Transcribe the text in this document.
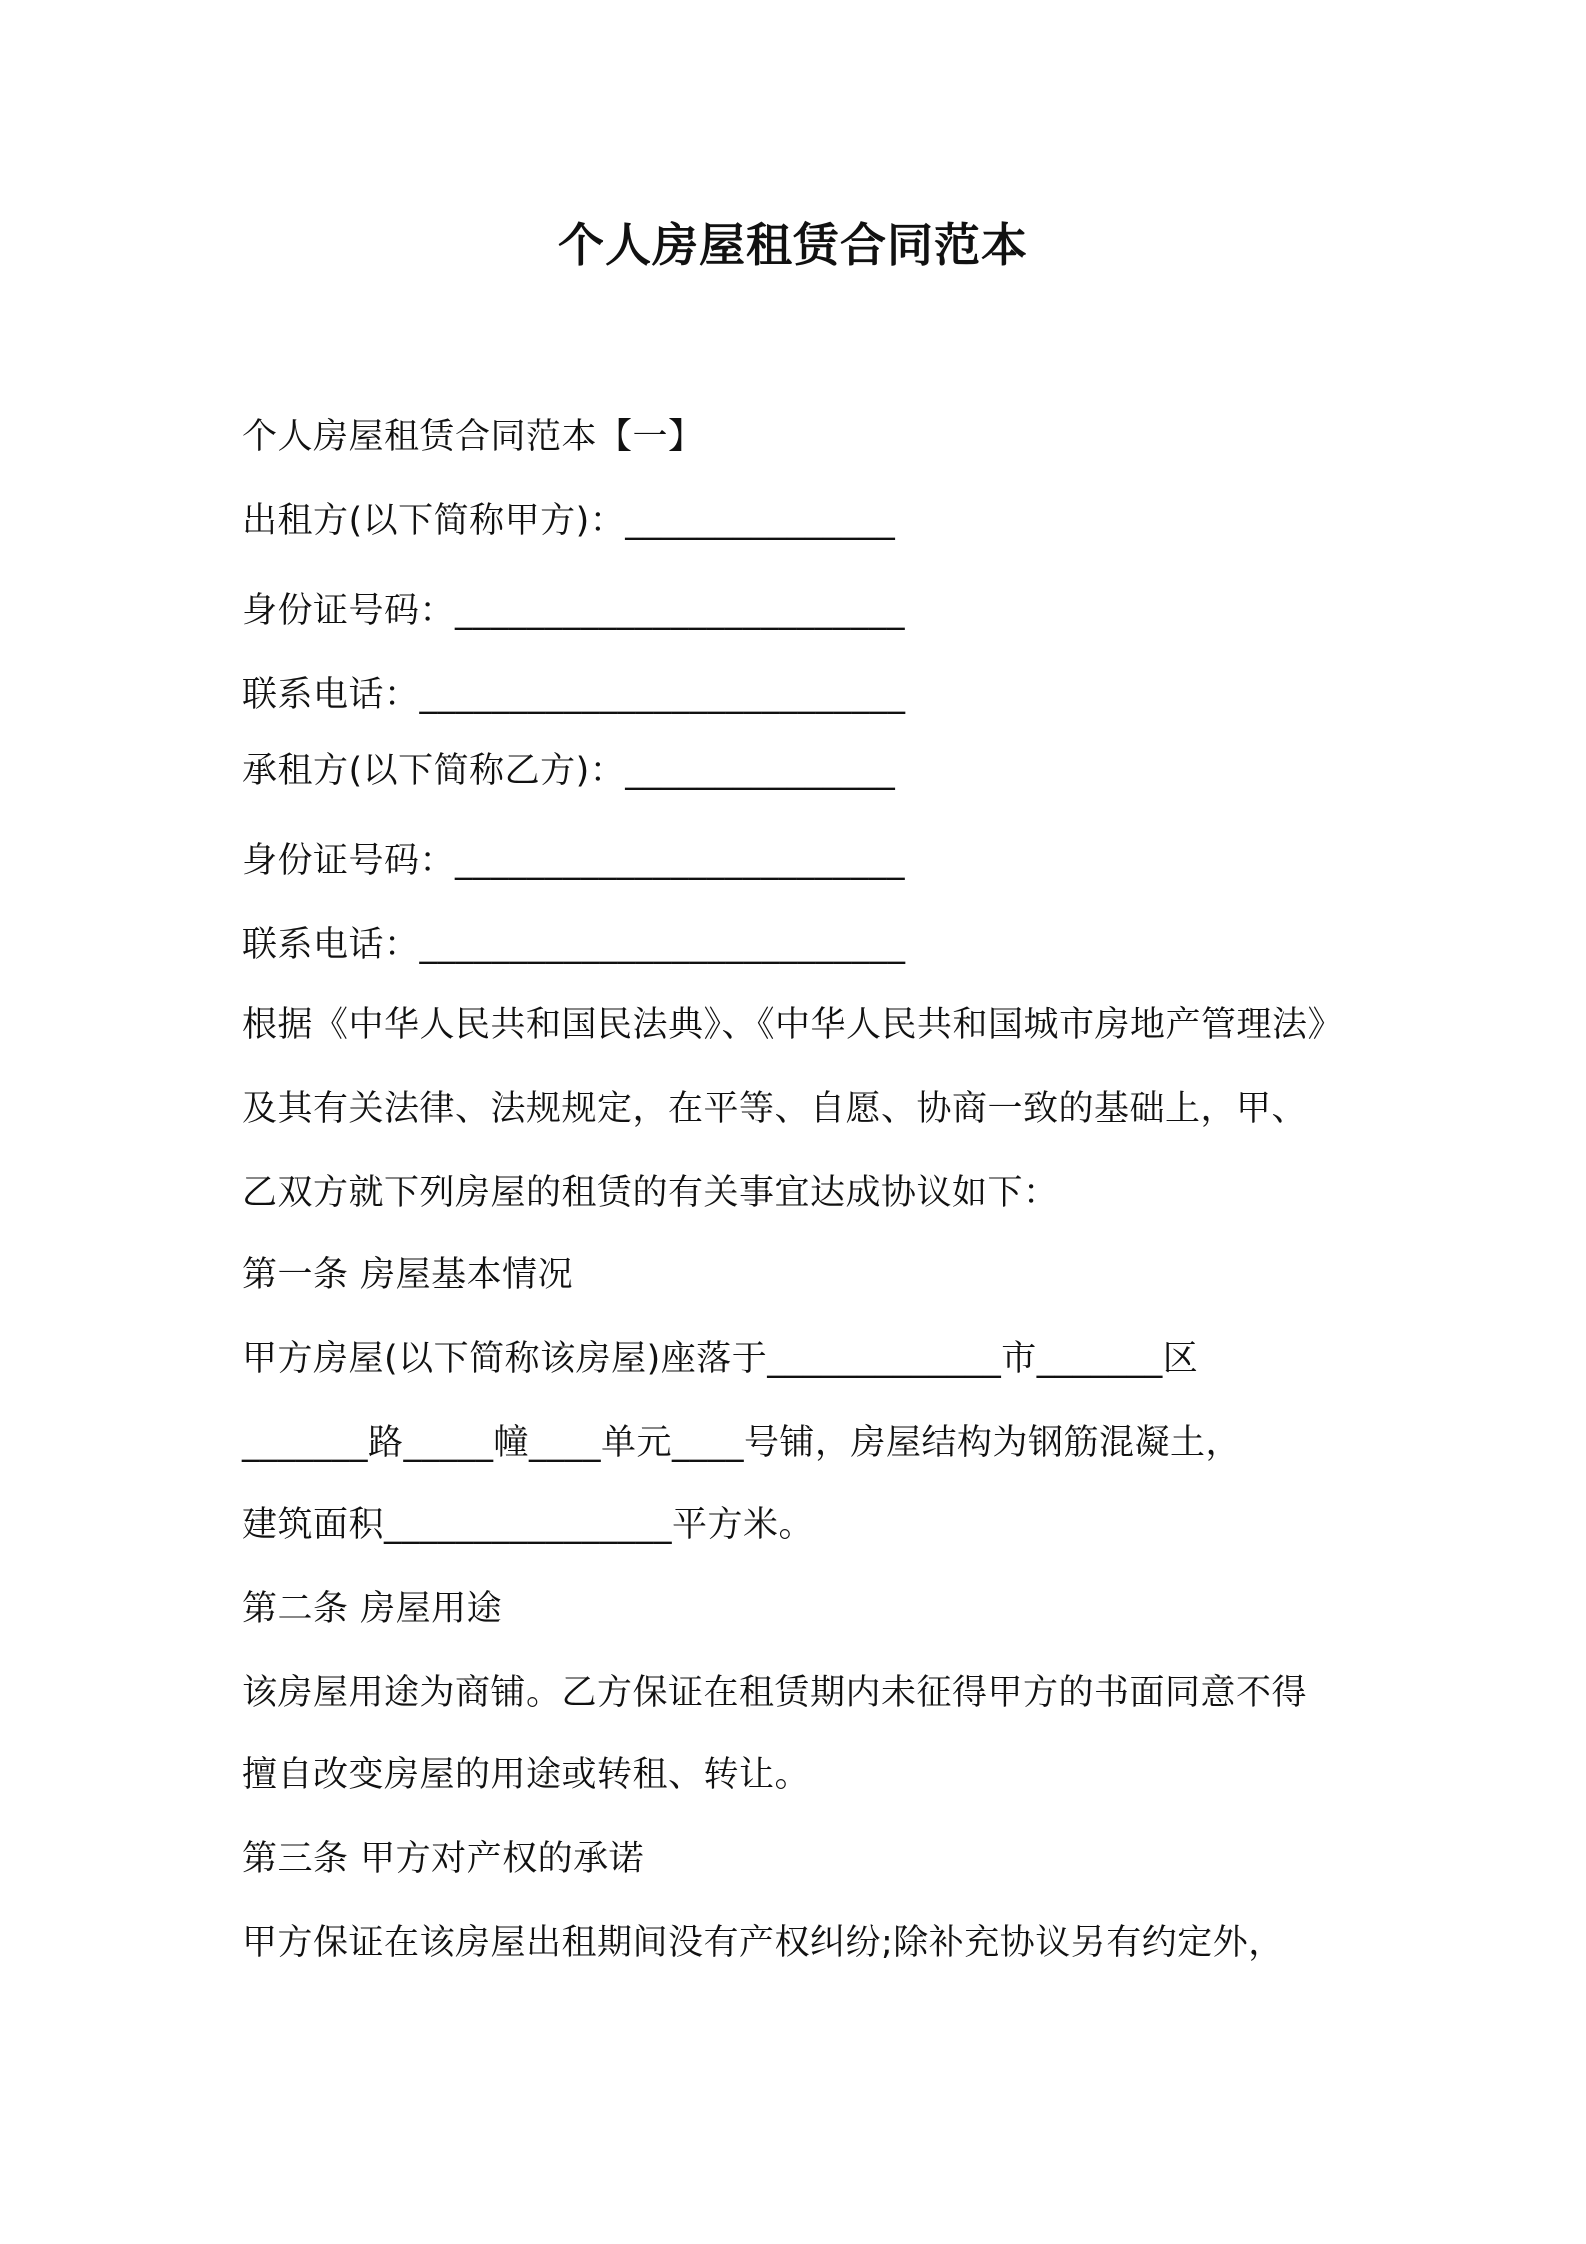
个人房屋租赁合同范本
个人房屋租赁合同范本【一】
出租方(以下简称甲方)：_______________
身份证号码：_________________________
联系电话：___________________________
承租方(以下简称乙方)：_______________
身份证号码：_________________________
联系电话：___________________________
根据《中华人民共和国民法典》、《中华人民共和国城市房地产管理法》
及其有关法律、法规规定，在平等、自愿、协商一致的基础上，甲、
乙双方就下列房屋的租赁的有关事宜达成协议如下：
第一条 房屋基本情况
甲方房屋(以下简称该房屋)座落于_____________市_______区
_______路_____幢____单元____号铺，房屋结构为钢筋混凝土，
建筑面积________________平方米。
第二条 房屋用途
该房屋用途为商铺。乙方保证在租赁期内未征得甲方的书面同意不得
擅自改变房屋的用途或转租、转让。
第三条 甲方对产权的承诺
甲方保证在该房屋出租期间没有产权纠纷;除补充协议另有约定外，
